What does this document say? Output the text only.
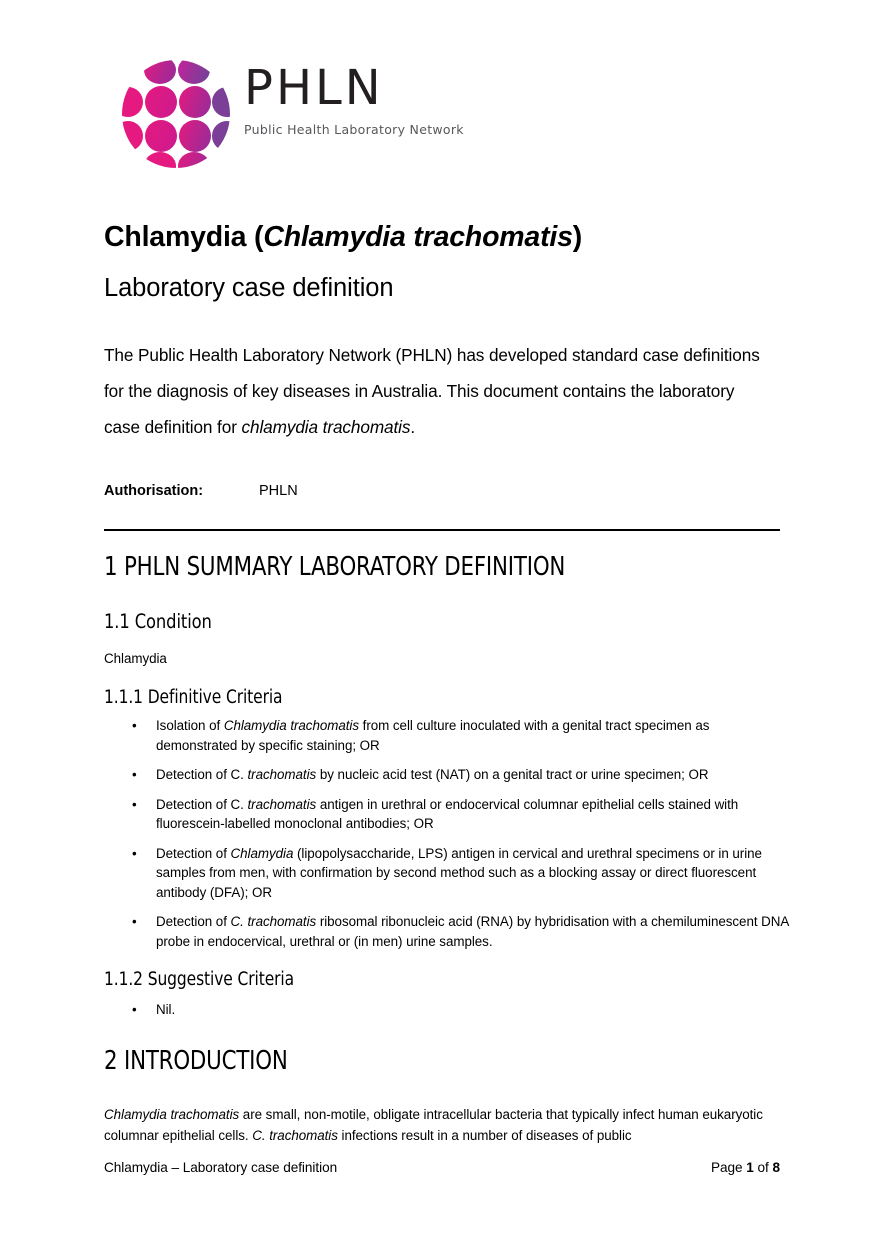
PHLN
Public Health Laboratory Network
Chlamydia (Chlamydia trachomatis)
Laboratory case definition

The Public Health Laboratory Network (PHLN) has developed standard case definitions for the diagnosis of key diseases in Australia. This document contains the laboratory case definition for chlamydia trachomatis.

Authorisation:	PHLN
1 PHLN SUMMARY LABORATORY DEFINITION
1.1 Condition
Chlamydia
1.1.1 Definitive Criteria
• Isolation of Chlamydia trachomatis from cell culture inoculated with a genital tract specimen as demonstrated by specific staining; OR
• Detection of C. trachomatis by nucleic acid test (NAT) on a genital tract or urine specimen; OR
• Detection of C. trachomatis antigen in urethral or endocervical columnar epithelial cells stained with fluorescein-labelled monoclonal antibodies; OR
• Detection of Chlamydia (lipopolysaccharide, LPS) antigen in cervical and urethral specimens or in urine samples from men, with confirmation by second method such as a blocking assay or direct fluorescent antibody (DFA); OR
• Detection of C. trachomatis ribosomal ribonucleic acid (RNA) by hybridisation with a chemiluminescent DNA probe in endocervical, urethral or (in men) urine samples.
1.1.2 Suggestive Criteria
• Nil.
2 INTRODUCTION

Chlamydia trachomatis are small, non-motile, obligate intracellular bacteria that typically infect human eukaryotic columnar epithelial cells. C. trachomatis infections result in a number of diseases of public

Chlamydia – Laboratory case definition	Page 1 of 8
